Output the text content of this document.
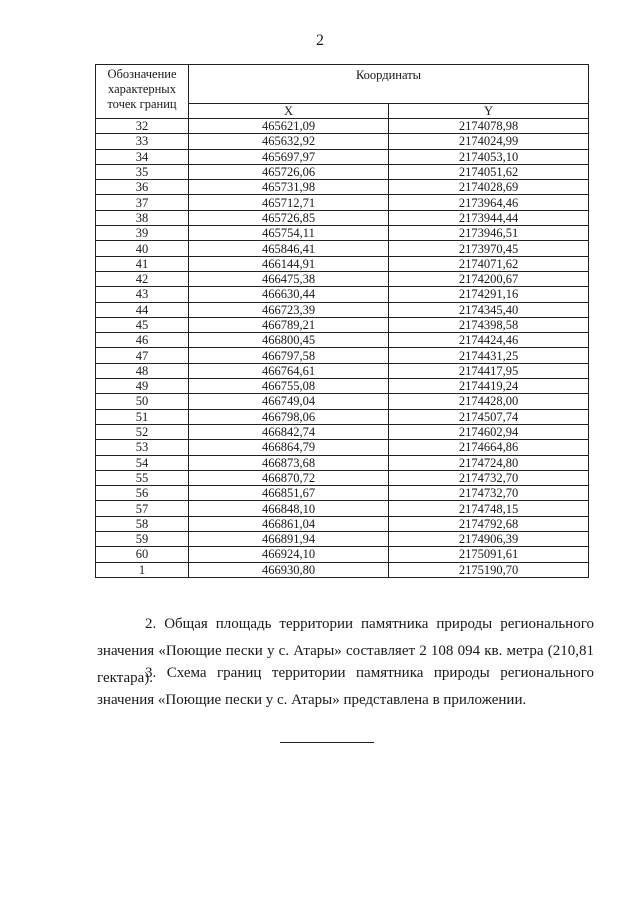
2
Обозначение характерных точек границ	Координаты	
	X	Y
32	465621,09	2174078,98
33	465632,92	2174024,99
34	465697,97	2174053,10
35	465726,06	2174051,62
36	465731,98	2174028,69
37	465712,71	2173964,46
38	465726,85	2173944,44
39	465754,11	2173946,51
40	465846,41	2173970,45
41	466144,91	2174071,62
42	466475,38	2174200,67
43	466630,44	2174291,16
44	466723,39	2174345,40
45	466789,21	2174398,58
46	466800,45	2174424,46
47	466797,58	2174431,25
48	466764,61	2174417,95
49	466755,08	2174419,24
50	466749,04	2174428,00
51	466798,06	2174507,74
52	466842,74	2174602,94
53	466864,79	2174664,86
54	466873,68	2174724,80
55	466870,72	2174732,70
56	466851,67	2174732,70
57	466848,10	2174748,15
58	466861,04	2174792,68
59	466891,94	2174906,39
60	466924,10	2175091,61
1	466930,80	2175190,70
2. Общая площадь территории памятника природы регионального значения «Поющие пески у с. Атары» составляет 2 108 094 кв. метра (210,81 гектара).
3. Схема границ территории памятника природы регионального значения «Поющие пески у с. Атары» представлена в приложении.
